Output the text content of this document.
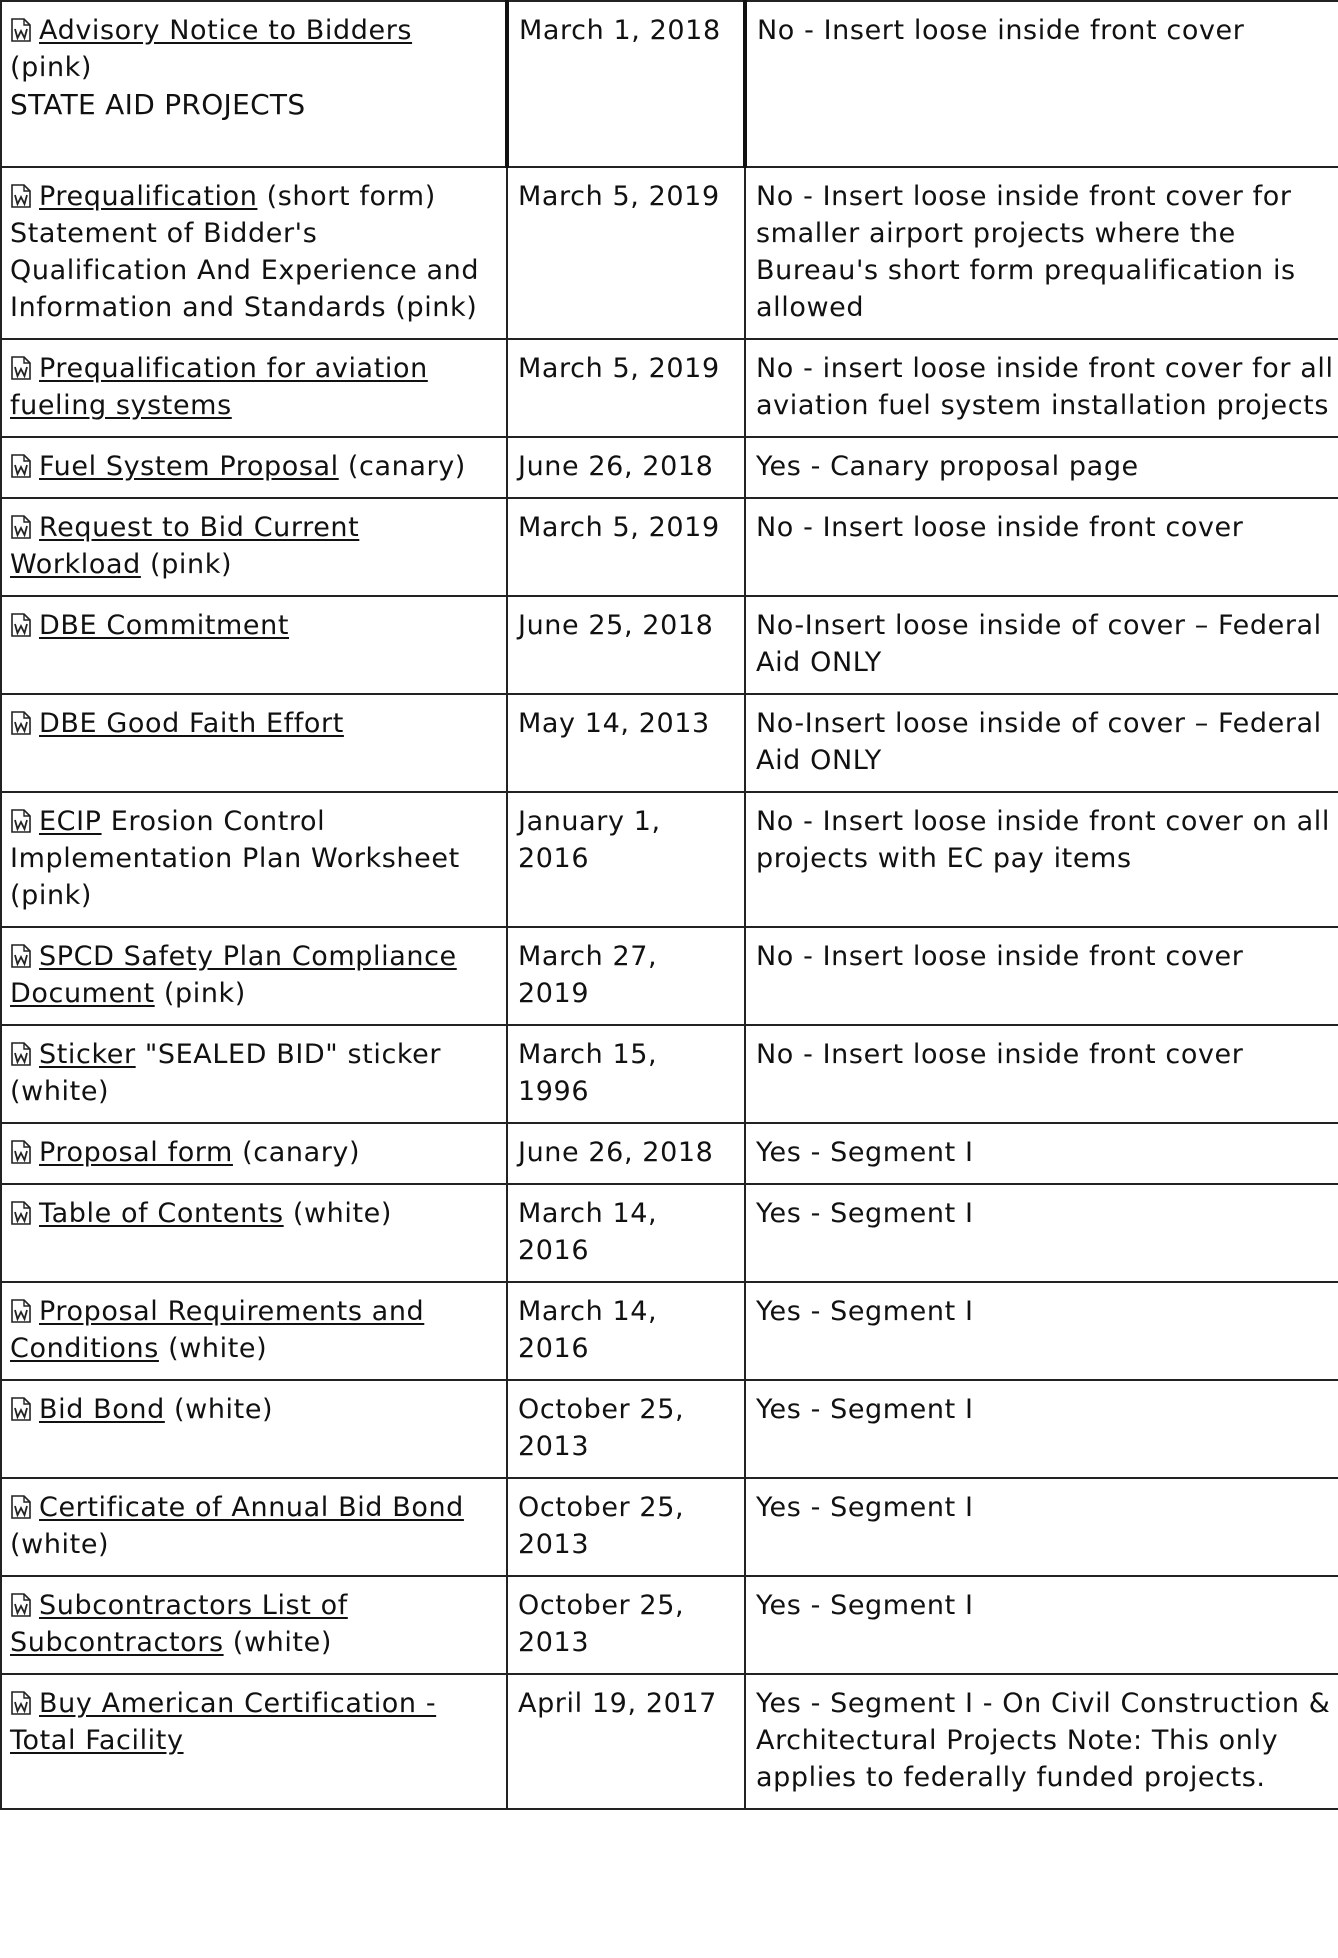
Advisory Notice to Bidders
(pink)
STATE AID PROJECTS	March 1, 2018	No - Insert loose inside front cover

Prequalification (short form) Statement of Bidder's Qualification And Experience and Information and Standards (pink)	March 5, 2019	No - Insert loose inside front cover for smaller airport projects where the Bureau's short form prequalification is allowed

Prequalification for aviation fueling systems	March 5, 2019	No - insert loose inside front cover for all aviation fuel system installation projects

Fuel System Proposal (canary)	June 26, 2018	Yes - Canary proposal page

Request to Bid Current Workload (pink)	March 5, 2019	No - Insert loose inside front cover

DBE Commitment	June 25, 2018	No-Insert loose inside of cover – Federal Aid ONLY

DBE Good Faith Effort	May 14, 2013	No-Insert loose inside of cover – Federal Aid ONLY

ECIP Erosion Control Implementation Plan Worksheet (pink)	January 1, 2016	No - Insert loose inside front cover on all projects with EC pay items

SPCD Safety Plan Compliance Document (pink)	March 27, 2019	No - Insert loose inside front cover

Sticker "SEALED BID" sticker (white)	March 15, 1996	No - Insert loose inside front cover

Proposal form (canary)	June 26, 2018	Yes - Segment I

Table of Contents (white)	March 14, 2016	Yes - Segment I

Proposal Requirements and Conditions (white)	March 14, 2016	Yes - Segment I

Bid Bond (white)	October 25, 2013	Yes - Segment I

Certificate of Annual Bid Bond (white)	October 25, 2013	Yes - Segment I

Subcontractors List of Subcontractors (white)	October 25, 2013	Yes - Segment I

Buy American Certification - Total Facility	April 19, 2017	Yes - Segment I - On Civil Construction & Architectural Projects Note: This only applies to federally funded projects.
